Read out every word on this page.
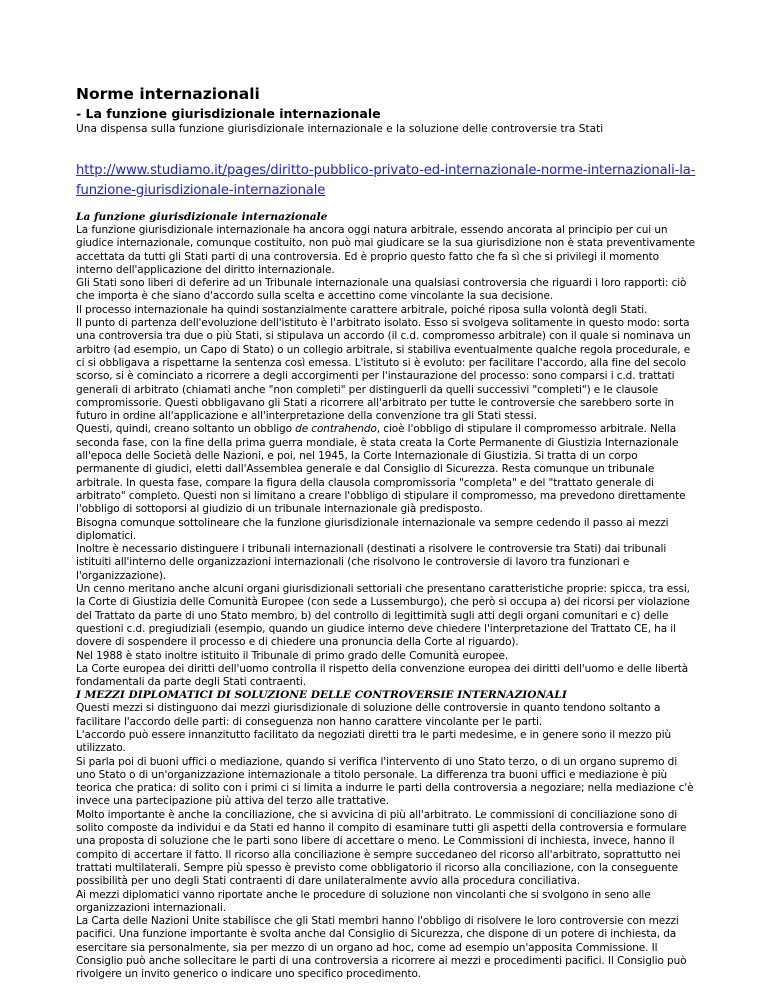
Norme internazionali
- La funzione giurisdizionale internazionale

Una dispensa sulla funzione giurisdizionale internazionale e la soluzione delle controversie tra Stati

http://www.studiamo.it/pages/diritto-pubblico-privato-ed-internazionale-norme-internazionali-la-funzione-giurisdizionale-internazionale
La funzione giurisdizionale internazionale

La funzione giurisdizionale internazionale ha ancora oggi natura arbitrale, essendo ancorata al principio per cui un giudice internazionale, comunque costituito, non può mai giudicare se la sua giurisdizione non è stata preventivamente accettata da tutti gli Stati parti di una controversia. Ed è proprio questo fatto che fa sì che si privilegi il momento interno dell'applicazione del diritto internazionale.

Gli Stati sono liberi di deferire ad un Tribunale internazionale una qualsiasi controversia che riguardi i loro rapporti: ciò che importa è che siano d'accordo sulla scelta e accettino come vincolante la sua decisione.

Il processo internazionale ha quindi sostanzialmente carattere arbitrale, poiché riposa sulla volontà degli Stati.

Il punto di partenza dell'evoluzione dell'istituto è l'arbitrato isolato. Esso si svolgeva solitamente in questo modo: sorta una controversia tra due o più Stati, si stipulava un accordo (il c.d. compromesso arbitrale) con il quale si nominava un arbitro (ad esempio, un Capo di Stato) o un collegio arbitrale, si stabiliva eventualmente qualche regola procedurale, e ci si obbligava a rispettarne la sentenza così emessa. L'istituto si è evoluto: per facilitare l'accordo, alla fine del secolo scorso, si è cominciato a ricorrere a degli accorgimenti per l'instaurazione del processo: sono comparsi i c.d. trattati generali di arbitrato (chiamati anche "non completi" per distinguerli da quelli successivi "completi") e le clausole compromissorie. Questi obbligavano gli Stati a ricorrere all'arbitrato per tutte le controversie che sarebbero sorte in futuro in ordine all'applicazione e all'interpretazione della convenzione tra gli Stati stessi.

Questi, quindi, creano soltanto un obbligo de contrahendo, cioè l'obbligo di stipulare il compromesso arbitrale. Nella seconda fase, con la fine della prima guerra mondiale, è stata creata la Corte Permanente di Giustizia Internazionale all'epoca delle Società delle Nazioni, e poi, nel 1945, la Corte Internazionale di Giustizia. Si tratta di un corpo permanente di giudici, eletti dall'Assemblea generale e dal Consiglio di Sicurezza. Resta comunque un tribunale arbitrale. In questa fase, compare la figura della clausola compromissoria "completa" e del "trattato generale di arbitrato" completo. Questi non si limitano a creare l'obbligo di stipulare il compromesso, ma prevedono direttamente l'obbligo di sottoporsi al giudizio di un tribunale internazionale già predisposto.

Bisogna comunque sottolineare che la funzione giurisdizionale internazionale va sempre cedendo il passo ai mezzi diplomatici.

Inoltre è necessario distinguere i tribunali internazionali (destinati a risolvere le controversie tra Stati) dai tribunali istituiti all'interno delle organizzazioni internazionali (che risolvono le controversie di lavoro tra funzionari e l'organizzazione).

Un cenno meritano anche alcuni organi giurisdizionali settoriali che presentano caratteristiche proprie: spicca, tra essi, la Corte di Giustizia delle Comunità Europee (con sede a Lussemburgo), che però si occupa a) dei ricorsi per violazione del Trattato da parte di uno Stato membro, b) del controllo di legittimità sugli atti degli organi comunitari e c) delle questioni c.d. pregiudiziali (esempio, quando un giudice interno deve chiedere l'interpretazione del Trattato CE, ha il dovere di sospendere il processo e di chiedere una pronuncia della Corte al riguardo).

Nel 1988 è stato inoltre istituito il Tribunale di primo grado delle Comunità europee.

La Corte europea dei diritti dell'uomo controlla il rispetto della convenzione europea dei diritti dell'uomo e delle libertà fondamentali da parte degli Stati contraenti.

I MEZZI DIPLOMATICI DI SOLUZIONE DELLE CONTROVERSIE INTERNAZIONALI

Questi mezzi si distinguono dai mezzi giurisdizionale di soluzione delle controversie in quanto tendono soltanto a facilitare l'accordo delle parti: di conseguenza non hanno carattere vincolante per le parti.

L'accordo può essere innanzitutto facilitato da negoziati diretti tra le parti medesime, e in genere sono il mezzo più utilizzato.

Si parla poi di buoni uffici o mediazione, quando si verifica l'intervento di uno Stato terzo, o di un organo supremo di uno Stato o di un'organizzazione internazionale a titolo personale. La differenza tra buoni uffici e mediazione è più teorica che pratica: di solito con i primi ci si limita a indurre le parti della controversia a negoziare; nella mediazione c'è invece una partecipazione più attiva del terzo alle trattative.

Molto importante è anche la conciliazione, che si avvicina di più all'arbitrato. Le commissioni di conciliazione sono di solito composte da individui e da Stati ed hanno il compito di esaminare tutti gli aspetti della controversia e formulare una proposta di soluzione che le parti sono libere di accettare o meno. Le Commissioni di inchiesta, invece, hanno il compito di accertare il fatto. Il ricorso alla conciliazione è sempre succedaneo del ricorso all'arbitrato, soprattutto nei trattati multilaterali. Sempre più spesso è previsto come obbligatorio il ricorso alla conciliazione, con la conseguente possibilità per uno degli Stati contraenti di dare unilateralmente avvio alla procedura conciliativa.

Ai mezzi diplomatici vanno riportate anche le procedure di soluzione non vincolanti che si svolgono in seno alle organizzazioni internazionali.

La Carta delle Nazioni Unite stabilisce che gli Stati membri hanno l'obbligo di risolvere le loro controversie con mezzi pacifici. Una funzione importante è svolta anche dal Consiglio di Sicurezza, che dispone di un potere di inchiesta, da esercitare sia personalmente, sia per mezzo di un organo ad hoc, come ad esempio un'apposita Commissione. Il Consiglio può anche sollecitare le parti di una controversia a ricorrere ai mezzi e procedimenti pacifici. Il Consiglio può rivolgere un invito generico o indicare uno specifico procedimento.
